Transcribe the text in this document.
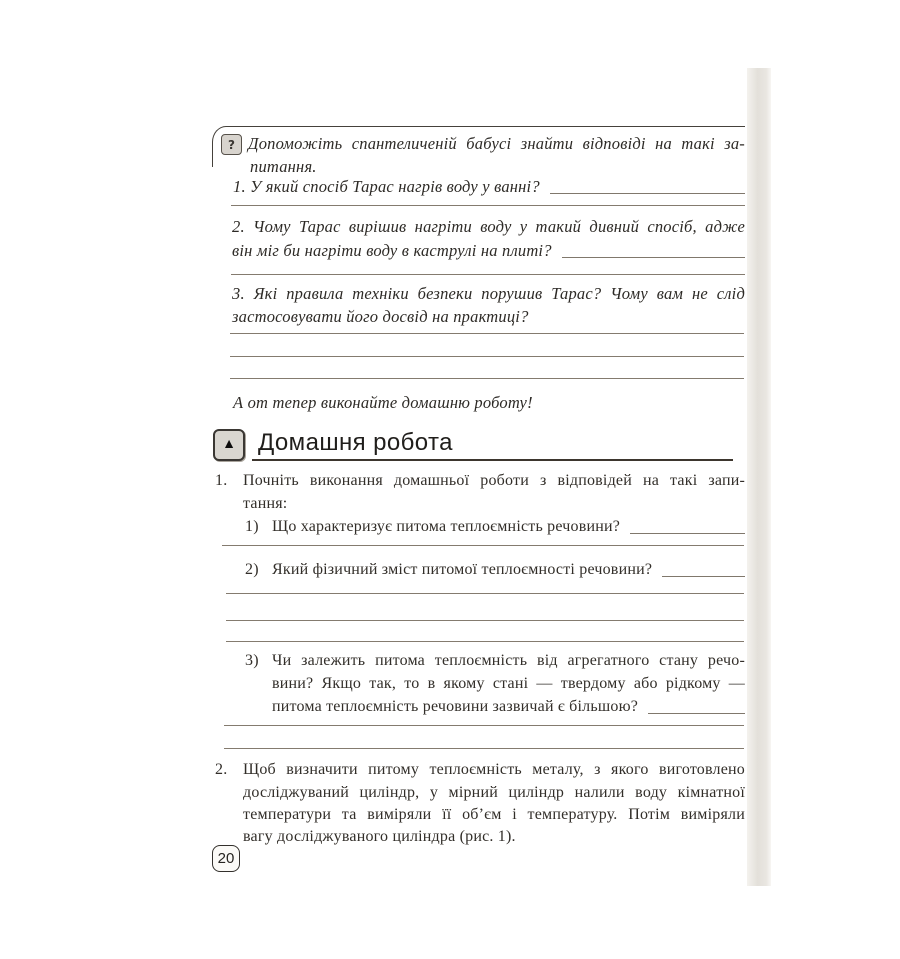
? Допоможіть спантеличеній бабусі знайти відповіді на такі за-
питання.
1. У який спосіб Тарас нагрів воду у ванні?
2. Чому Тарас вирішив нагріти воду у такий дивний спосіб, адже
він міг би нагріти воду в каструлі на плиті?
3. Які правила техніки безпеки порушив Тарас? Чому вам не слід
застосовувати його досвід на практиці?
А от тепер виконайте домашню роботу!
▲ Домашня робота
1. Почніть виконання домашньої роботи з відповідей на такі запи-
тання:
1) Що характеризує питома теплоємність речовини?
2) Який фізичний зміст питомої теплоємності речовини?
3) Чи залежить питома теплоємність від агрегатного стану речо-
вини? Якщо так, то в якому стані — твердому або рідкому —
питома теплоємність речовини зазвичай є більшою?
2. Щоб визначити питому теплоємність металу, з якого виготовлено
досліджуваний циліндр, у мірний циліндр налили воду кімнатної
температури та виміряли її об’єм і температуру. Потім виміряли
вагу досліджуваного циліндра (рис. 1).
20
